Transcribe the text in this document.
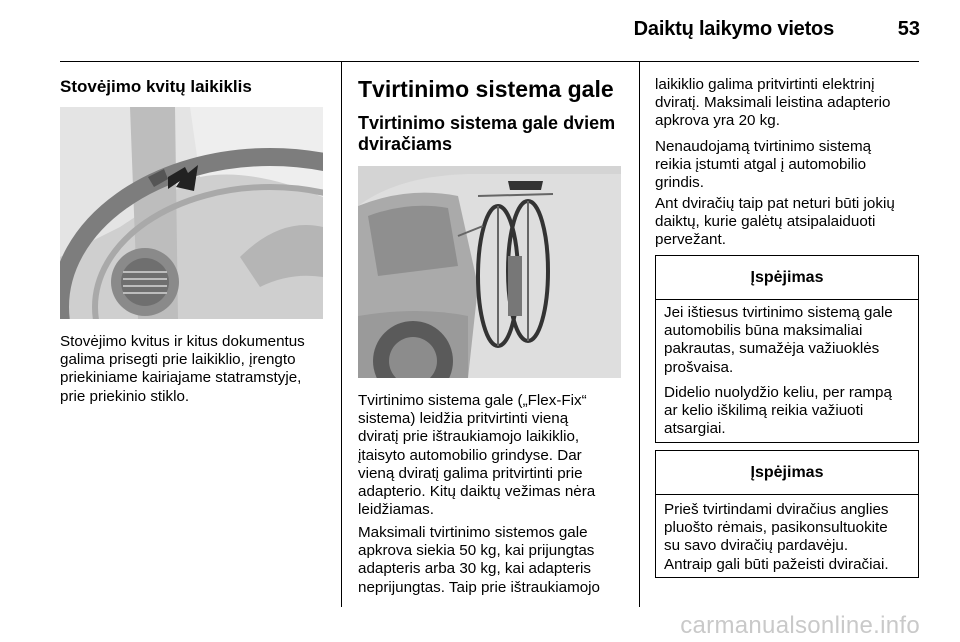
Daiktų laikymo vietos	53
Stovėjimo kvitų laikiklis
Stovėjimo kvitus ir kitus dokumentus
galima prisegti prie laikiklio, įrengto
priekiniame kairiajame statramstyje,
prie priekinio stiklo.
Tvirtinimo sistema gale
Tvirtinimo sistema gale dviem
dviračiams
Tvirtinimo sistema gale („Flex-Fix“
sistema) leidžia pritvirtinti vieną
dviratį prie ištraukiamojo laikiklio,
įtaisyto automobilio grindyse. Dar
vieną dviratį galima pritvirtinti prie
adapterio. Kitų daiktų vežimas nėra
leidžiamas.
Maksimali tvirtinimo sistemos gale
apkrova siekia 50 kg, kai prijungtas
adapteris arba 30 kg, kai adapteris
neprijungtas. Taip prie ištraukiamojo
laikiklio galima pritvirtinti elektrinį
dviratį. Maksimali leistina adapterio
apkrova yra 20 kg.
Nenaudojamą tvirtinimo sistemą
reikia įstumti atgal į automobilio
grindis.
Ant dviračių taip pat neturi būti jokių
daiktų, kurie galėtų atsipalaiduoti
pervežant.
Įspėjimas

Jei ištiesus tvirtinimo sistemą gale
automobilis būna maksimaliai
pakrautas, sumažėja važiuoklės
prošvaisa.

Didelio nuolydžio keliu, per rampą
ar kelio iškilimą reikia važiuoti
atsargiai.

Įspėjimas

Prieš tvirtindami dviračius anglies
pluošto rėmais, pasikonsultuokite
su savo dviračių pardavėju.
Antraip gali būti pažeisti dviračiai.

carmanualsonline.info
